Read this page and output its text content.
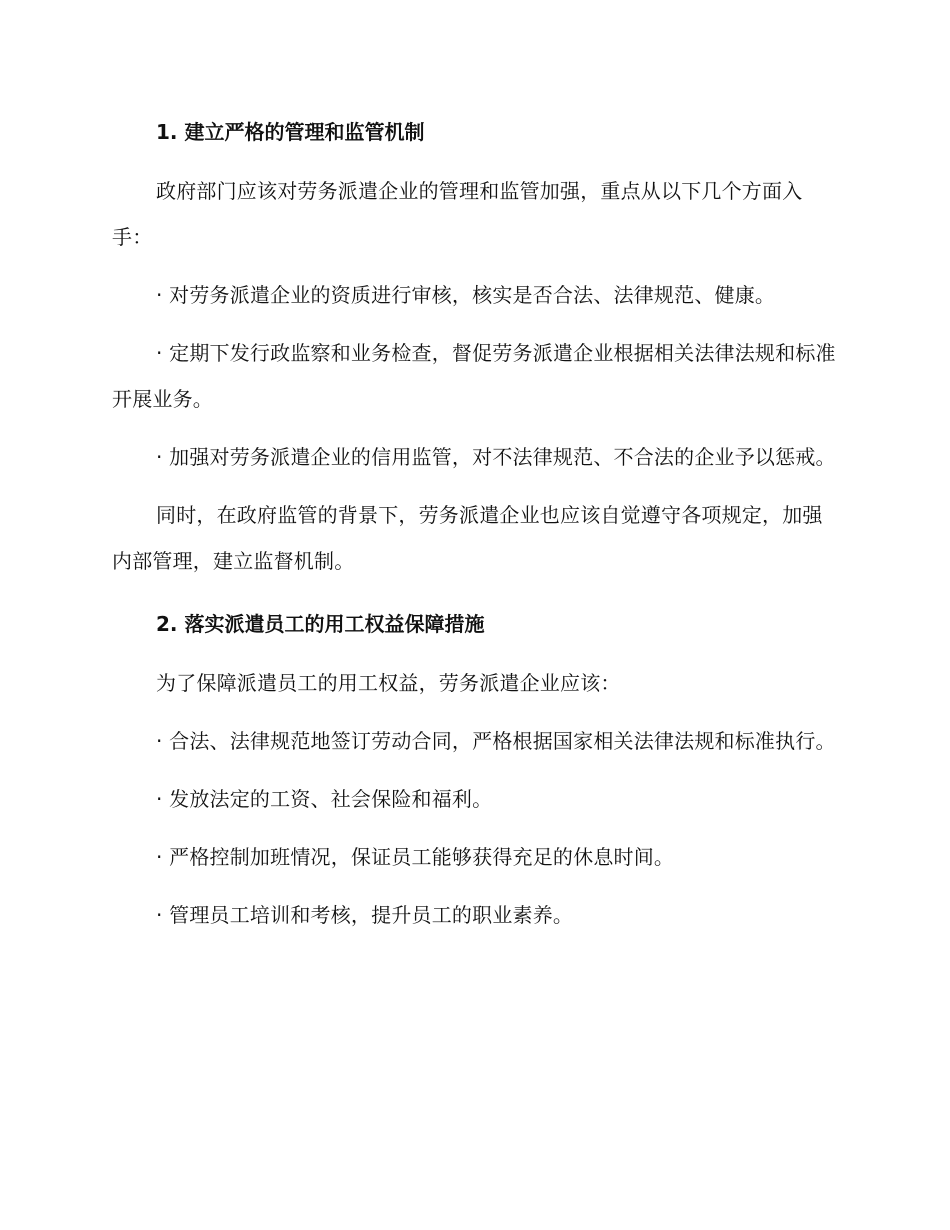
1. 建立严格的管理和监管机制

政府部门应该对劳务派遣企业的管理和监管加强，重点从以下几个方面入手：

· 对劳务派遣企业的资质进行审核，核实是否合法、法律规范、健康。

· 定期下发行政监察和业务检查，督促劳务派遣企业根据相关法律法规和标准开展业务。

· 加强对劳务派遣企业的信用监管，对不法律规范、不合法的企业予以惩戒。

同时，在政府监管的背景下，劳务派遣企业也应该自觉遵守各项规定，加强内部管理，建立监督机制。

2. 落实派遣员工的用工权益保障措施

为了保障派遣员工的用工权益，劳务派遣企业应该：

· 合法、法律规范地签订劳动合同，严格根据国家相关法律法规和标准执行。

· 发放法定的工资、社会保险和福利。

· 严格控制加班情况，保证员工能够获得充足的休息时间。

· 管理员工培训和考核，提升员工的职业素养。
